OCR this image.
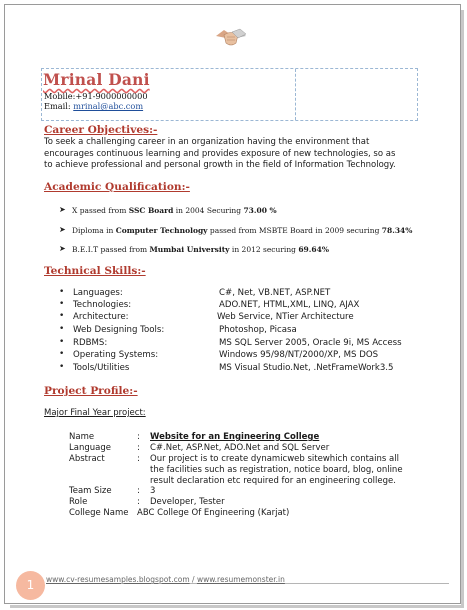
Mrinal Dani
Mobile:+91-9000000000
Email: mrinal@abc.com
Career Objectives:-
To seek a challenging career in an organization having the environment that
encourages continuous learning and provides exposure of new technologies, so as
to achieve professional and personal growth in the field of Information Technology.
Academic Qualification:-
➤ X passed from SSC Board in 2004 Securing 73.00 %
➤ Diploma in Computer Technology passed from MSBTE Board in 2009 securing 78.34%
➤ B.E.I.T passed from Mumbai University in 2012 securing 69.64%
Technical Skills:-
• Languages:	C#, Net, VB.NET, ASP.NET
• Technologies:	ADO.NET, HTML,XML, LINQ, AJAX
• Architecture:	Web Service, NTier Architecture
• Web Designing Tools:	Photoshop, Picasa
• RDBMS:	MS SQL Server 2005, Oracle 9i, MS Access
• Operating Systems:	Windows 95/98/NT/2000/XP, MS DOS
• Tools/Utilities	MS Visual Studio.Net, .NetFrameWork3.5
Project Profile:-
Major Final Year project:
Name	: Website for an Engineering College
Language	: C#.Net, ASP.Net, ADO.Net and SQL Server
Abstract	: Our project is to create dynamicweb sitewhich contains all
the facilities such as registration, notice board, blog, online
result declaration etc required for an engineering college.
Team Size	: 3
Role	: Developer, Tester
College Name ABC College Of Engineering (Karjat)
1	www.cv-resumesamples.blogspot.com / www.resumemonster.in
